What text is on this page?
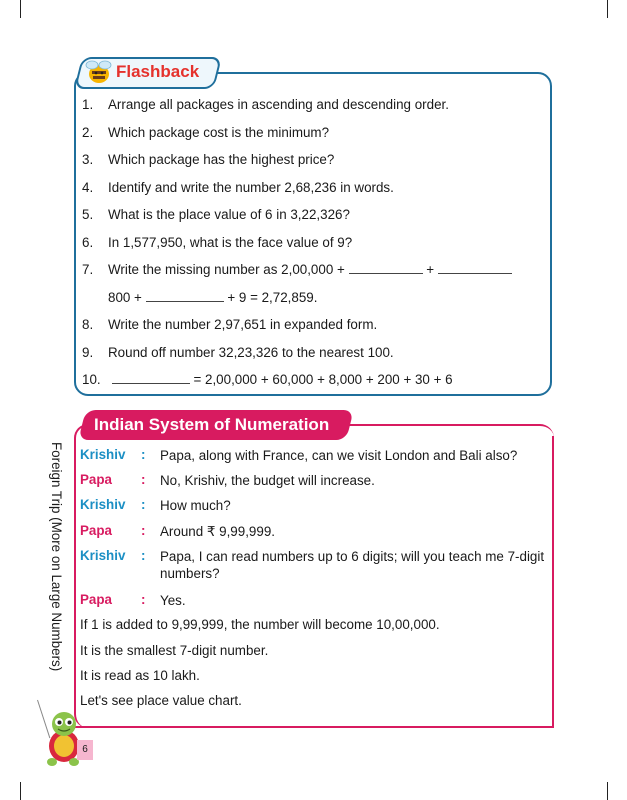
Flashback
1. Arrange all packages in ascending and descending order.
2. Which package cost is the minimum?
3. Which package has the highest price?
4. Identify and write the number 2,68,236 in words.
5. What is the place value of 6 in 3,22,326?
6. In 1,577,950, what is the face value of 9?
7. Write the missing number as 2,00,000 +	+
800 +	+ 9 = 2,72,859.
8. Write the number 2,97,651 in expanded form.
9. Round off number 32,23,326 to the nearest 100.
10.	= 2,00,000 + 60,000 + 8,000 + 200 + 30 + 6
Indian System of Numeration
Foreign Trip (More on Large Numbers) Krishiv : Papa, along with France, can we visit London and Bali also?
Papa : No, Krishiv, the budget will increase.
Krishiv : How much?
Papa : Around ₹ 9,99,999.
Krishiv : Papa, I can read numbers up to 6 digits; will you teach me 7-digit numbers?
Papa : Yes.
If 1 is added to 9,99,999, the number will become 10,00,000.
It is the smallest 7-digit number.
It is read as 10 lakh.
Let's see place value chart.
6
